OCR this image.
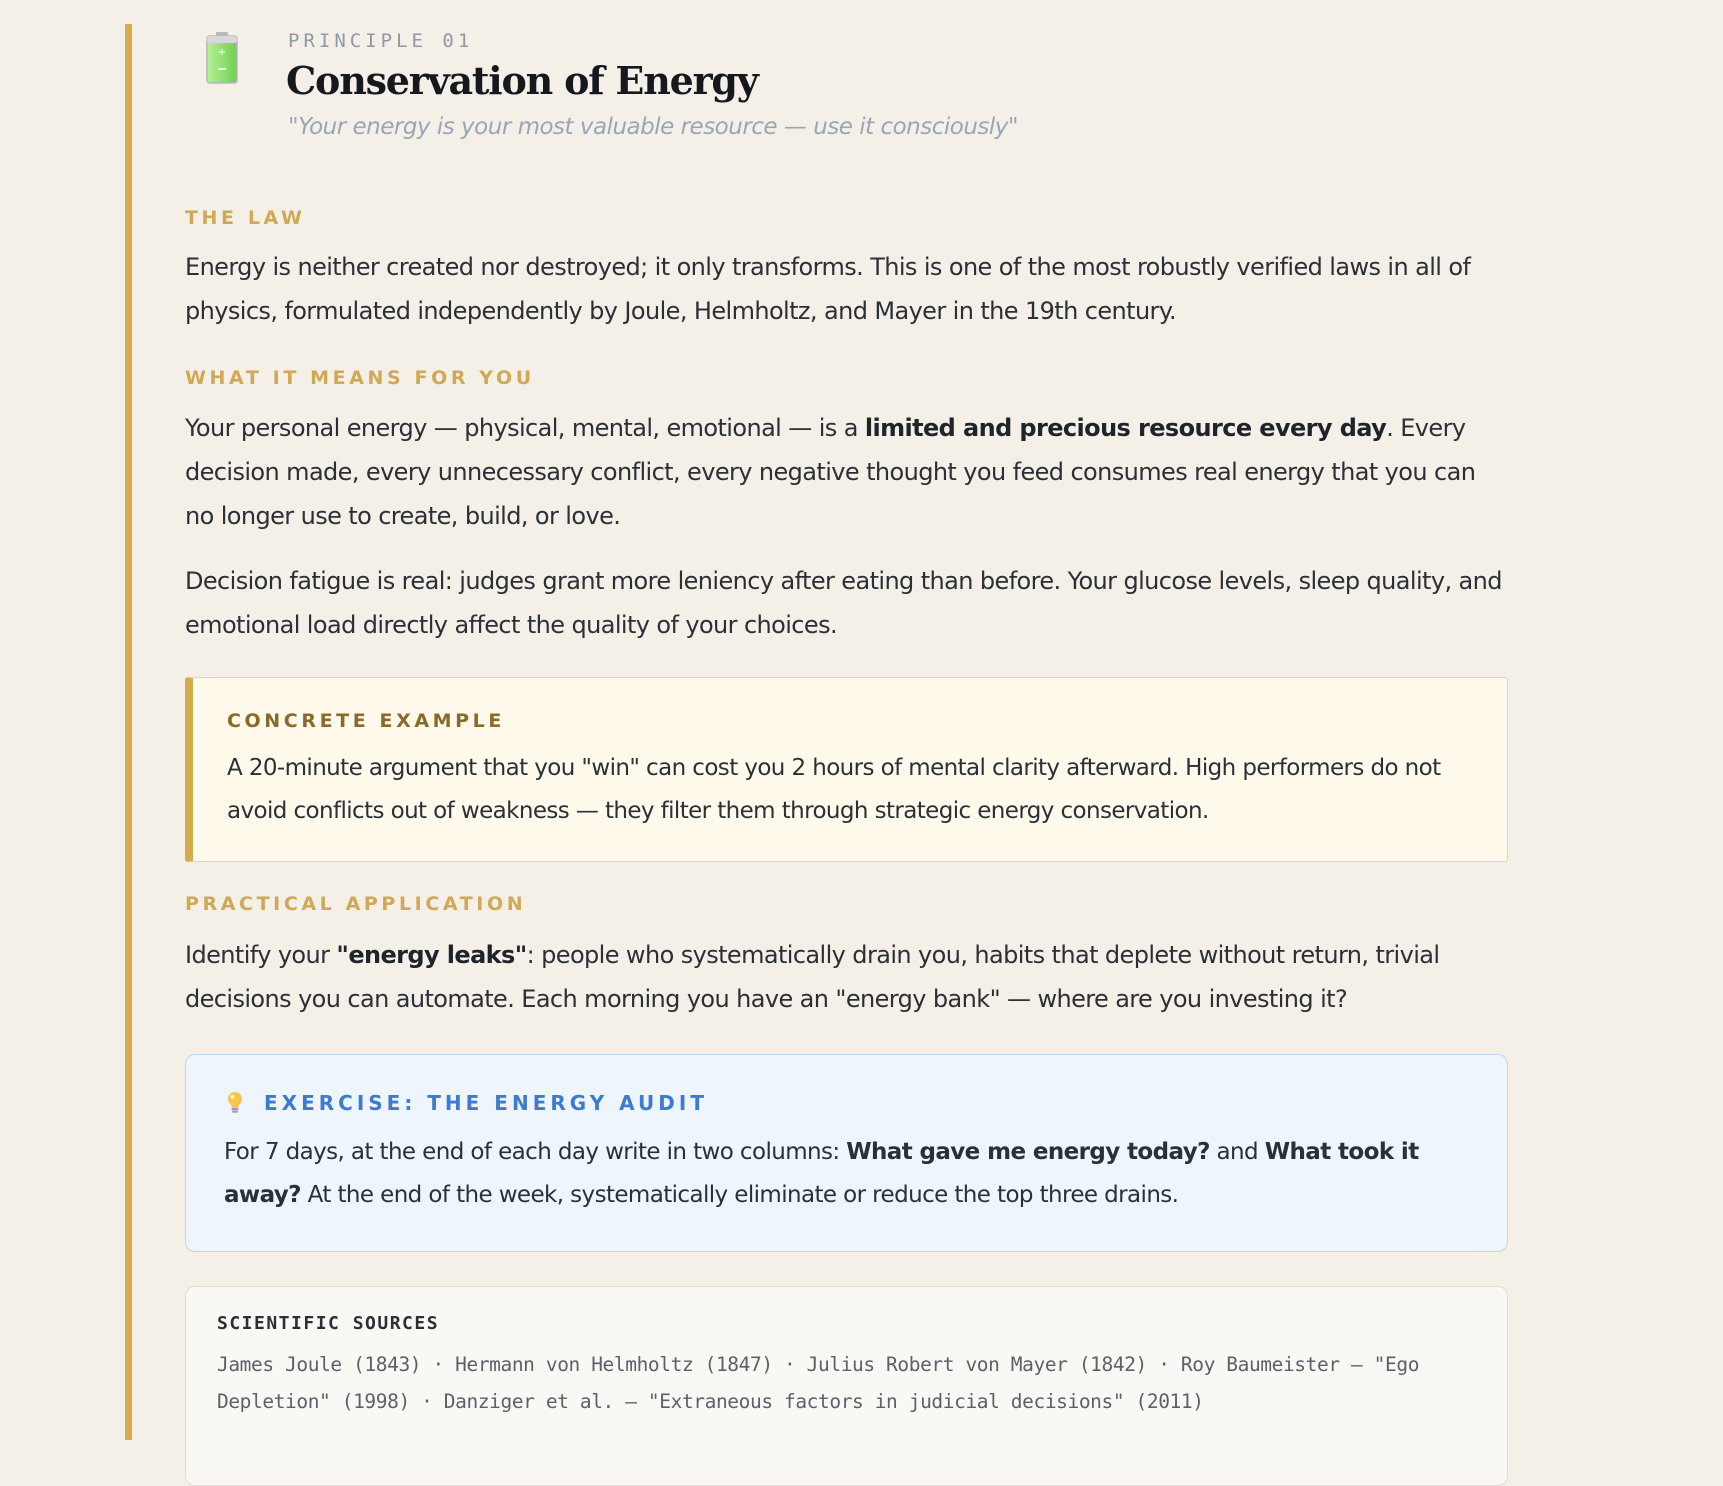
+
PRINCIPLE 01
Conservation of Energy
"Your energy is your most valuable resource — use it consciously"
THE LAW

Energy is neither created nor destroyed; it only transforms. This is one of the most robustly verified laws in all of physics, formulated independently by Joule, Helmholtz, and Mayer in the 19th century.

WHAT IT MEANS FOR YOU

Your personal energy — physical, mental, emotional — is a limited and precious resource every day. Every decision made, every unnecessary conflict, every negative thought you feed consumes real energy that you can no longer use to create, build, or love.

Decision fatigue is real: judges grant more leniency after eating than before. Your glucose levels, sleep quality, and emotional load directly affect the quality of your choices.

CONCRETE EXAMPLE
A 20-minute argument that you "win" can cost you 2 hours of mental clarity afterward. High performers do not avoid conflicts out of weakness — they filter them through strategic energy conservation.
PRACTICAL APPLICATION

Identify your "energy leaks": people who systematically drain you, habits that deplete without return, trivial decisions you can automate. Each morning you have an "energy bank" — where are you investing it?

EXERCISE: THE ENERGY AUDIT
For 7 days, at the end of each day write in two columns: What gave me energy today? and What took it away? At the end of the week, systematically eliminate or reduce the top three drains.
SCIENTIFIC SOURCES
James Joule (1843) · Hermann von Helmholtz (1847) · Julius Robert von Mayer (1842) · Roy Baumeister — "Ego Depletion" (1998) · Danziger et al. — "Extraneous factors in judicial decisions" (2011)
